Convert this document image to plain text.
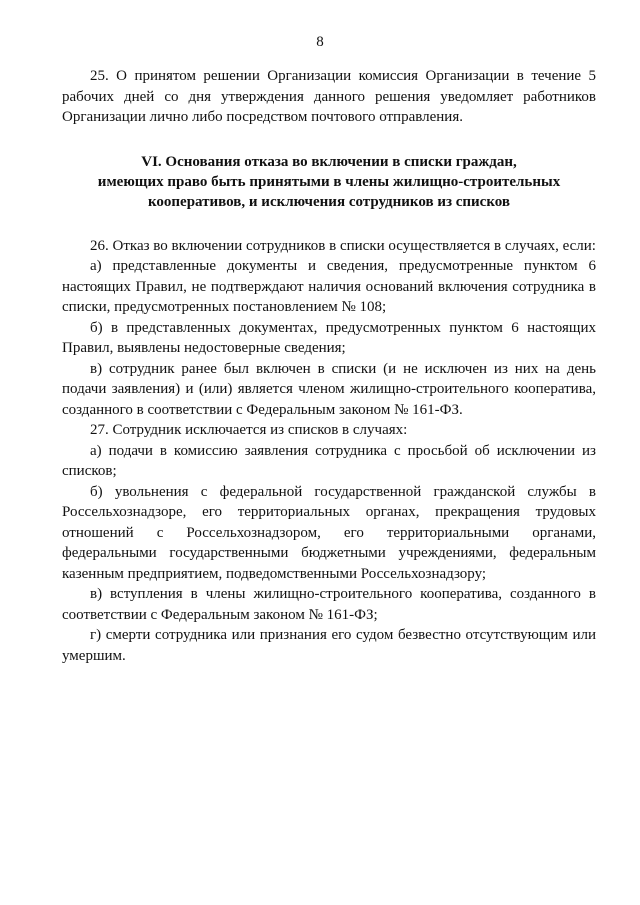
8

25. О принятом решении Организации комиссия Организации в течение 5 рабочих дней со дня утверждения данного решения уведомляет работников Организации лично либо посредством почтового отправления.

VI. Основания отказа во включении в списки граждан,
имеющих право быть принятыми в члены жилищно-строительных
кооперативов, и исключения сотрудников из списков

26. Отказ во включении сотрудников в списки осуществляется в случаях, если:

а) представленные документы и сведения, предусмотренные пунктом 6 настоящих Правил, не подтверждают наличия оснований включения сотрудника в списки, предусмотренных постановлением № 108;

б) в представленных документах, предусмотренных пунктом 6 настоящих Правил, выявлены недостоверные сведения;

в) сотрудник ранее был включен в списки (и не исключен из них на день подачи заявления) и (или) является членом жилищно-строительного кооператива, созданного в соответствии с Федеральным законом № 161-ФЗ.

27. Сотрудник исключается из списков в случаях:

а) подачи в комиссию заявления сотрудника с просьбой об исключении из списков;

б) увольнения с федеральной государственной гражданской службы в Россельхознадзоре, его территориальных органах, прекращения трудовых отношений с Россельхознадзором, его территориальными органами, федеральными государственными бюджетными учреждениями, федеральным казенным предприятием, подведомственными Россельхознадзору;

в) вступления в члены жилищно-строительного кооператива, созданного в соответствии с Федеральным законом № 161-ФЗ;

г) смерти сотрудника или признания его судом безвестно отсутствующим или умершим.
